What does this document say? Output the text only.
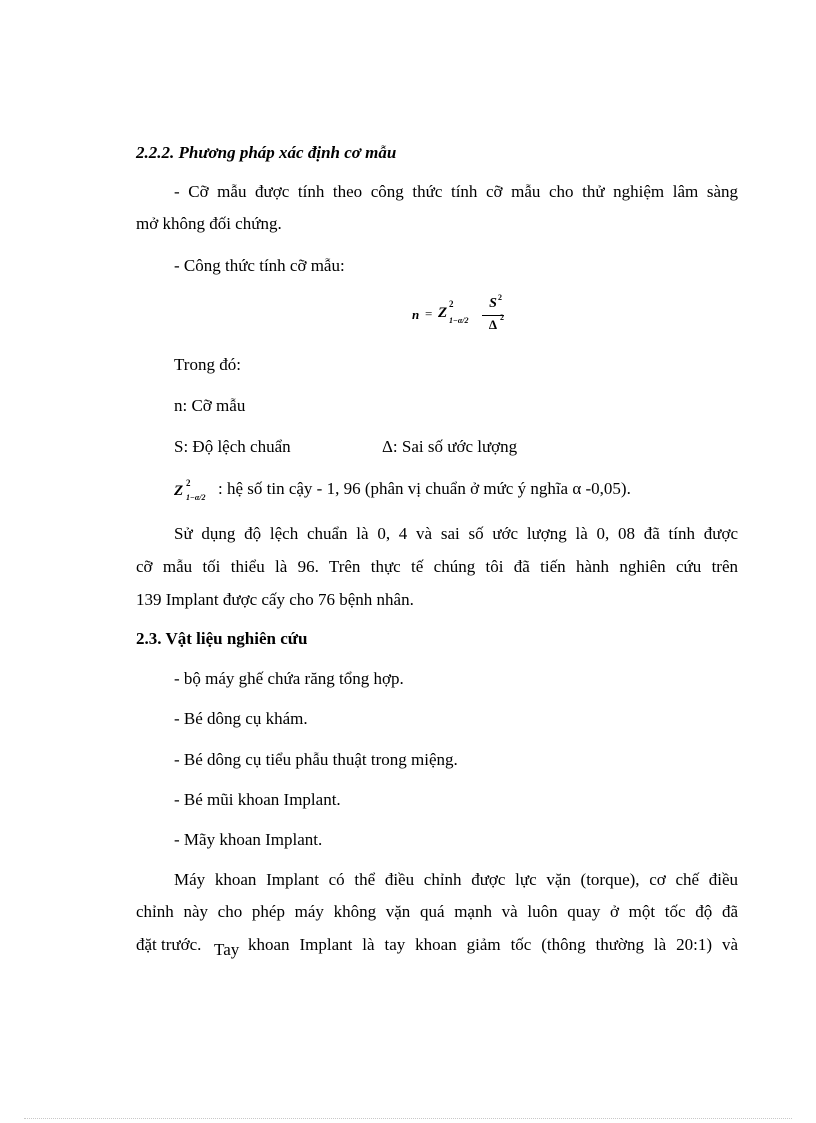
2.2.2. Phương pháp xác định cơ mẫu
- Cỡ mẫu được tính theo công thức tính cỡ mẫu cho thử nghiệm lâm sàng
mở không đối chứng.
- Công thức tính cỡ mẫu:
n = Z
2
1−α/2
S 2
Δ 2
Trong đó:
n: Cỡ mẫu
S: Độ lệch chuẩn	Δ: Sai số ước lượng
Z 2
1−α/2 : hệ số tin cậy - 1, 96 (phân vị chuẩn ở mức ý nghĩa α -0,05).
Sử dụng độ lệch chuẩn là 0, 4 và sai số ước lượng là 0, 08 đã tính được
cỡ mẫu tối thiểu là 96. Trên thực tế chúng tôi đã tiến hành nghiên cứu trên
139 Implant được cấy cho 76 bệnh nhân.
2.3. Vật liệu nghiên cứu
- bộ máy ghế chứa răng tổng hợp.
- Bé dông cụ khám.
- Bé dông cụ tiểu phẫu thuật trong miệng.
- Bé mũi khoan Implant.
- Mãy khoan Implant.
Máy khoan Implant có thể điều chỉnh được lực vặn (torque), cơ chế điều
chỉnh này cho phép máy không vặn quá mạnh và luôn quay ở một tốc độ đã
đặt trước. Tay khoan Implant là tay khoan giảm tốc (thông thường là 20:1) và
